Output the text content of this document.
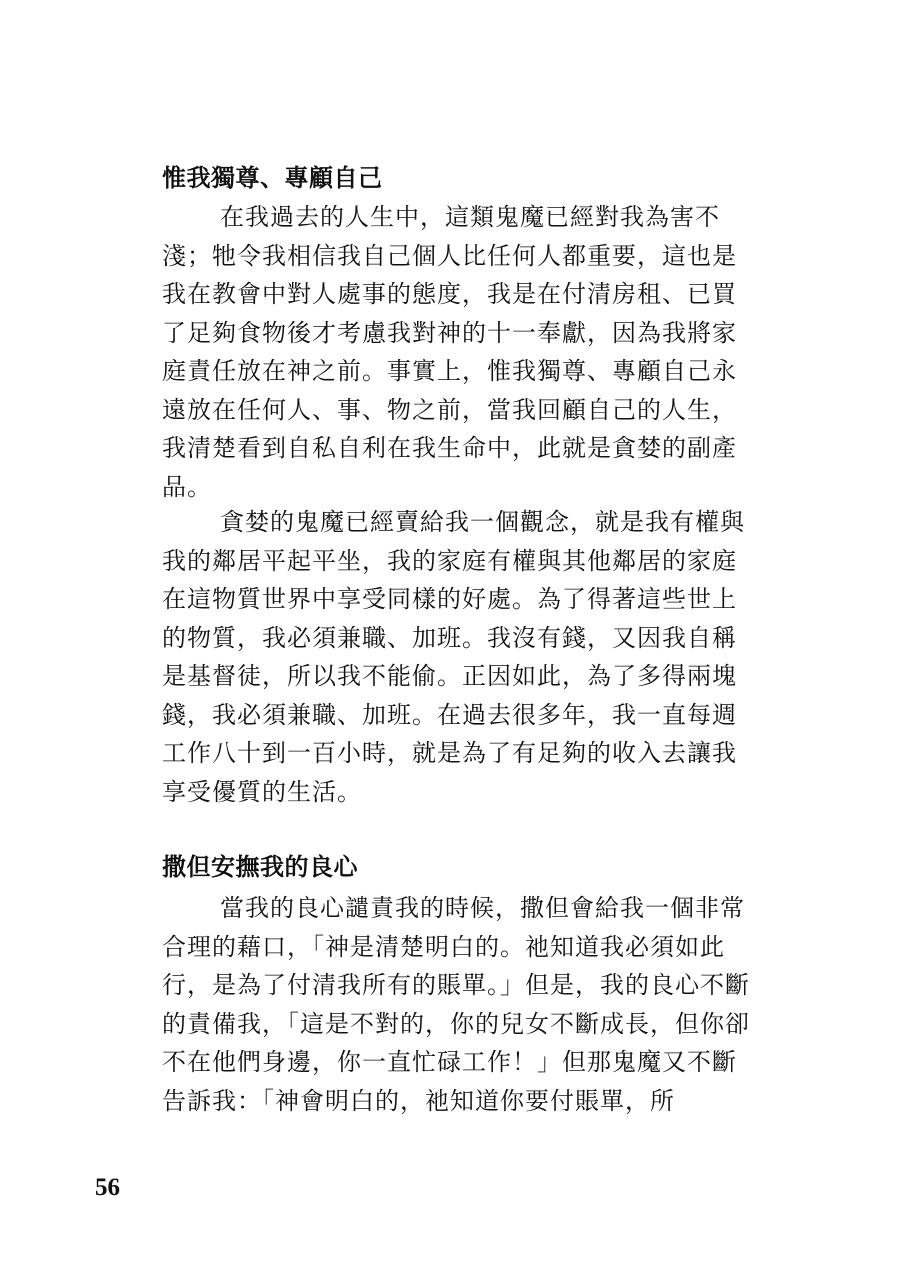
惟我獨尊、專顧自己

在我過去的人生中，這類鬼魔已經對我為害不淺；牠令我相信我自己個人比任何人都重要，這也是我在教會中對人處事的態度，我是在付清房租、已買了足夠食物後才考慮我對神的十一奉獻，因為我將家庭責任放在神之前。事實上，惟我獨尊、專顧自己永遠放在任何人、事、物之前，當我回顧自己的人生，我清楚看到自私自利在我生命中，此就是貪婪的副產品。

貪婪的鬼魔已經賣給我一個觀念，就是我有權與我的鄰居平起平坐，我的家庭有權與其他鄰居的家庭在這物質世界中享受同樣的好處。為了得著這些世上的物質，我必須兼職、加班。我沒有錢，又因我自稱是基督徒，所以我不能偷。正因如此，為了多得兩塊錢，我必須兼職、加班。在過去很多年，我一直每週工作八十到一百小時，就是為了有足夠的收入去讓我享受優質的生活。

撒但安撫我的良心

當我的良心譴責我的時候，撒但會給我一個非常合理的藉口，「神是清楚明白的。祂知道我必須如此行，是為了付清我所有的賬單。」但是，我的良心不斷的責備我，「這是不對的，你的兒女不斷成長，但你卻不在他們身邊，你一直忙碌工作！」但那鬼魔又不斷告訴我：「神會明白的，祂知道你要付賬單，所

56
